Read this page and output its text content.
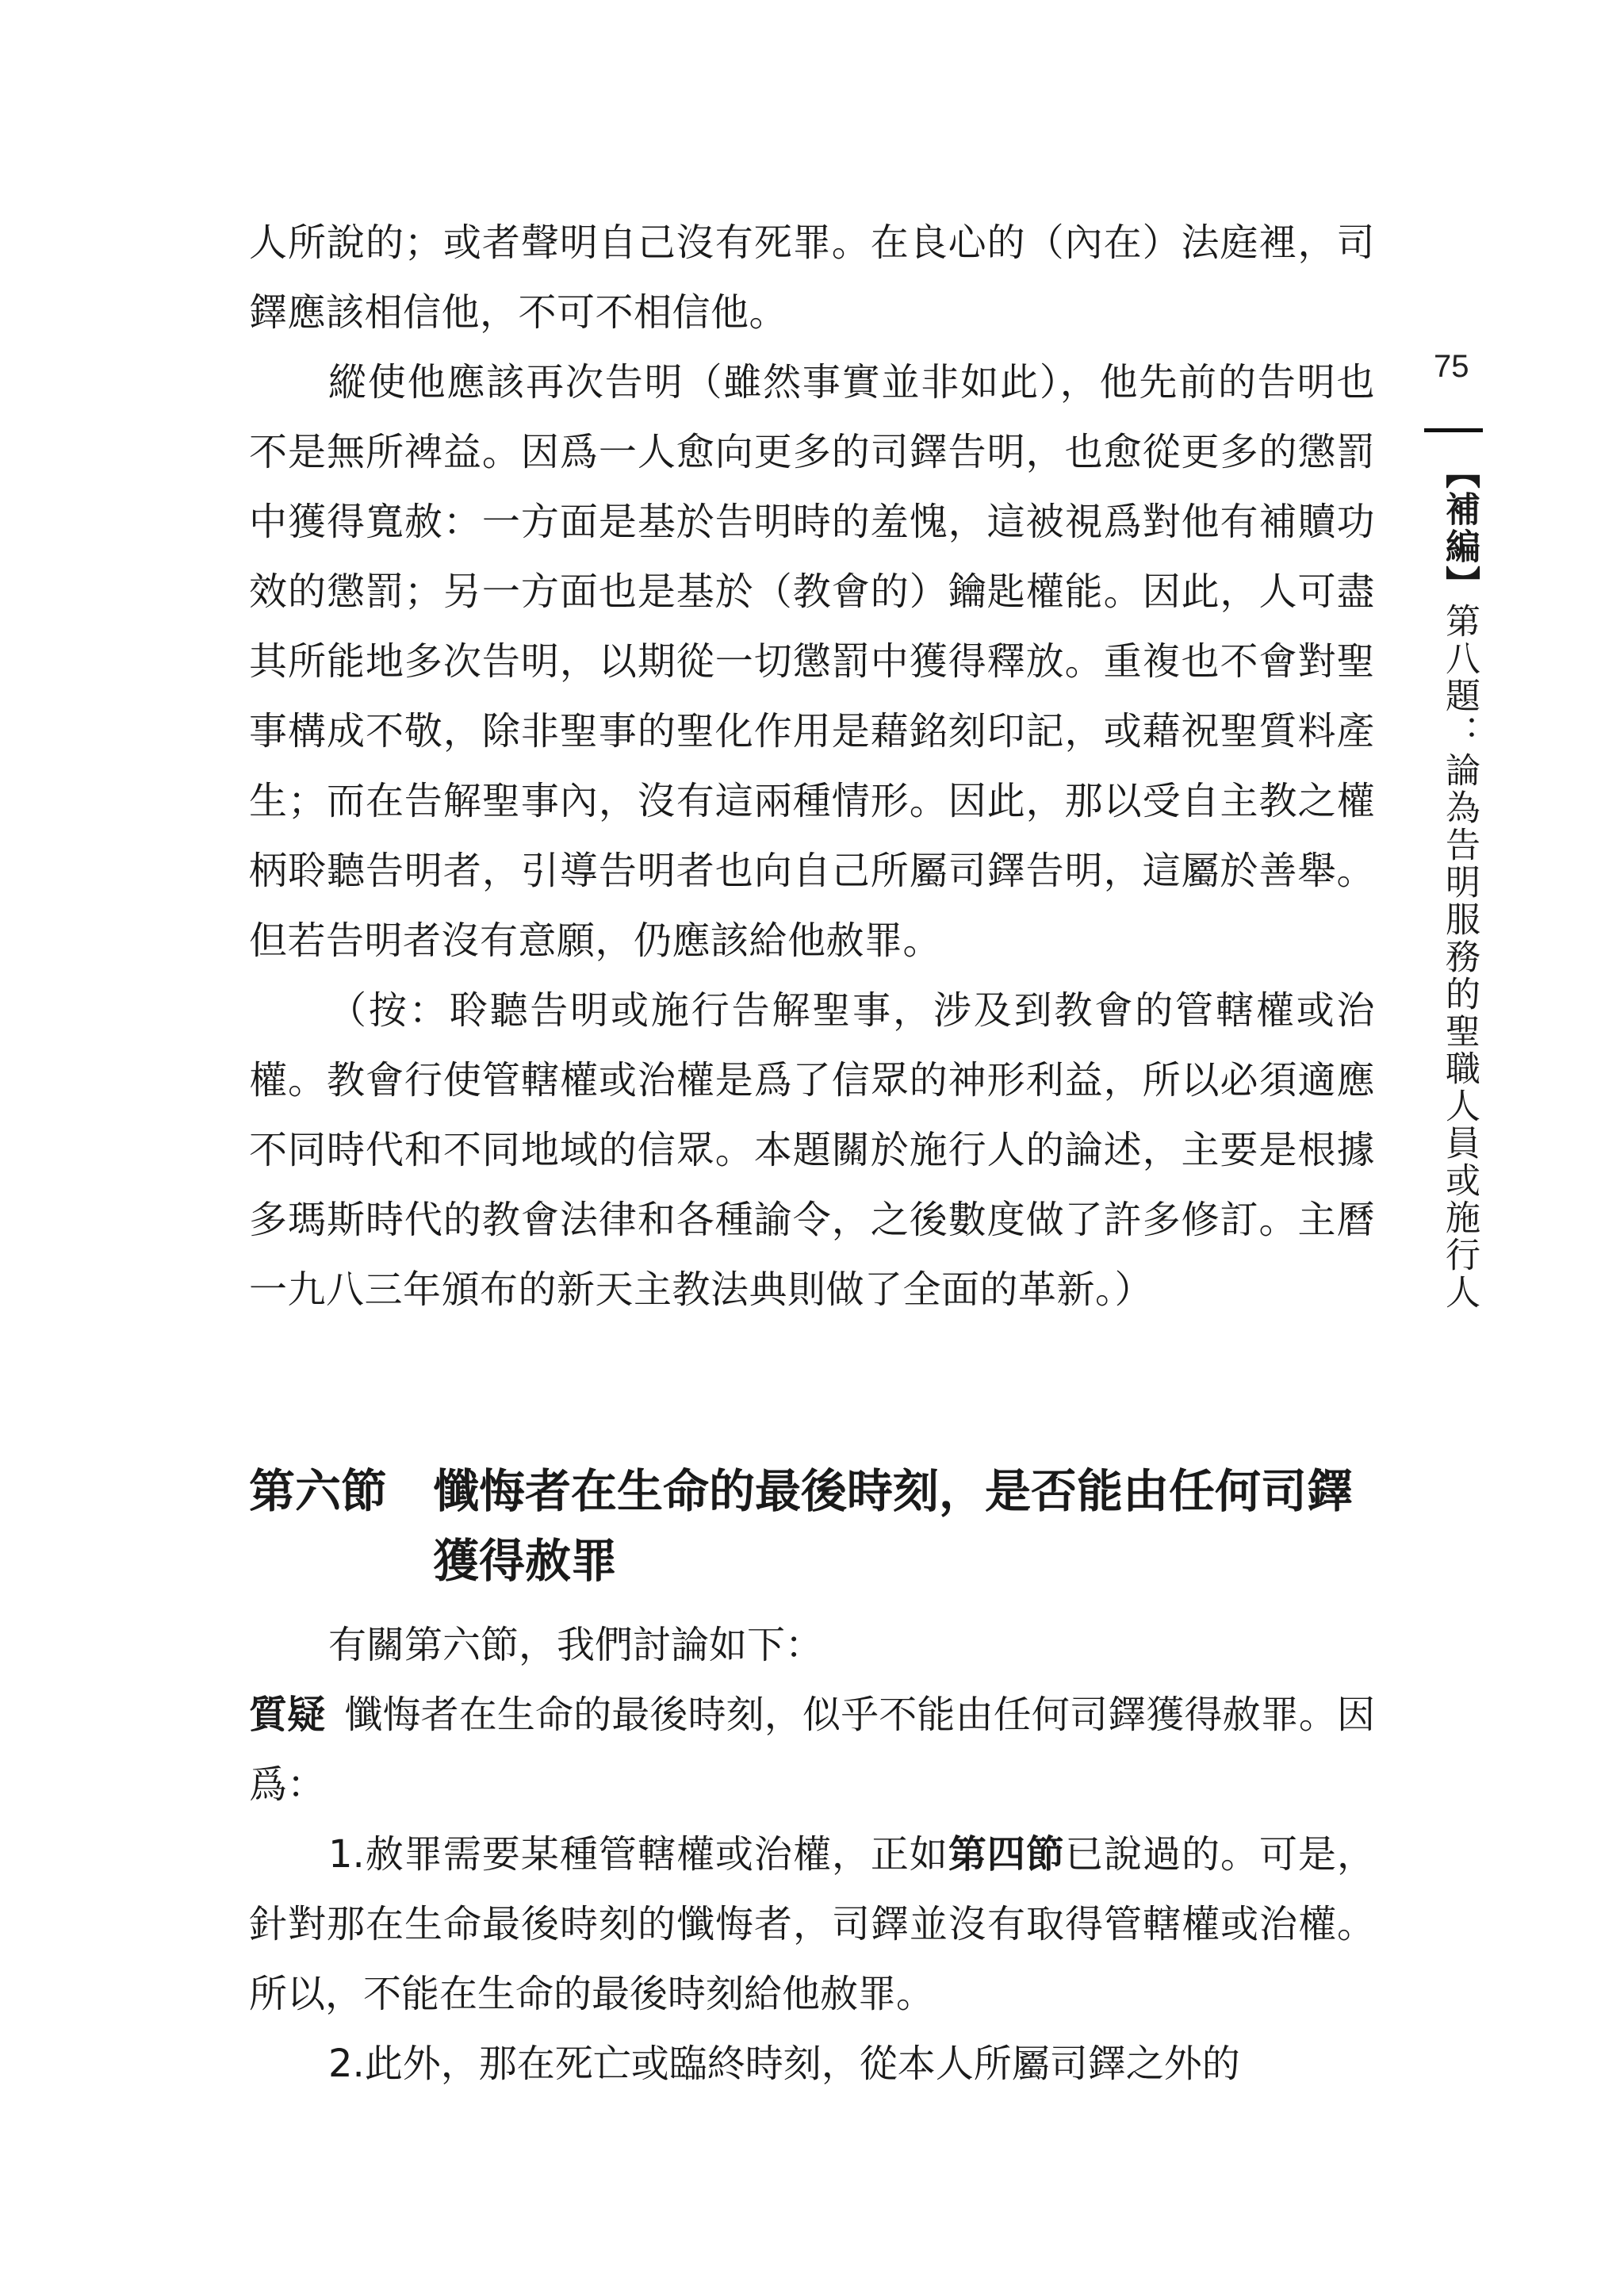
人所說的；或者聲明自己沒有死罪。在良心的（內在）法庭裡，司鐸應該相信他，不可不相信他。

縱使他應該再次告明（雖然事實並非如此），他先前的告明也不是無所裨益。因爲一人愈向更多的司鐸告明，也愈從更多的懲罰中獲得寬赦：一方面是基於告明時的羞愧，這被視爲對他有補贖功效的懲罰；另一方面也是基於（教會的）鑰匙權能。因此，人可盡其所能地多次告明，以期從一切懲罰中獲得釋放。重複也不會對聖事構成不敬，除非聖事的聖化作用是藉銘刻印記，或藉祝聖質料產生；而在告解聖事內，沒有這兩種情形。因此，那以受自主教之權柄聆聽告明者，引導告明者也向自己所屬司鐸告明，這屬於善舉。但若告明者沒有意願，仍應該給他赦罪。

（按：聆聽告明或施行告解聖事，涉及到教會的管轄權或治權。教會行使管轄權或治權是爲了信眾的神形利益，所以必須適應不同時代和不同地域的信眾。本題關於施行人的論述，主要是根據多瑪斯時代的教會法律和各種諭令，之後數度做了許多修訂。主曆一九八三年頒布的新天主教法典則做了全面的革新。）

第六節 懺悔者在生命的最後時刻，是否能由任何司鐸
獲得赦罪

有關第六節，我們討論如下：

質疑 懺悔者在生命的最後時刻，似乎不能由任何司鐸獲得赦罪。因爲：

1.赦罪需要某種管轄權或治權，正如第四節已說過的。可是，針對那在生命最後時刻的懺悔者，司鐸並沒有取得管轄權或治權。所以，不能在生命的最後時刻給他赦罪。

2.此外，那在死亡或臨終時刻，從本人所屬司鐸之外的

75
【補編】第八題：論為告明服務的聖職人員或施行人
